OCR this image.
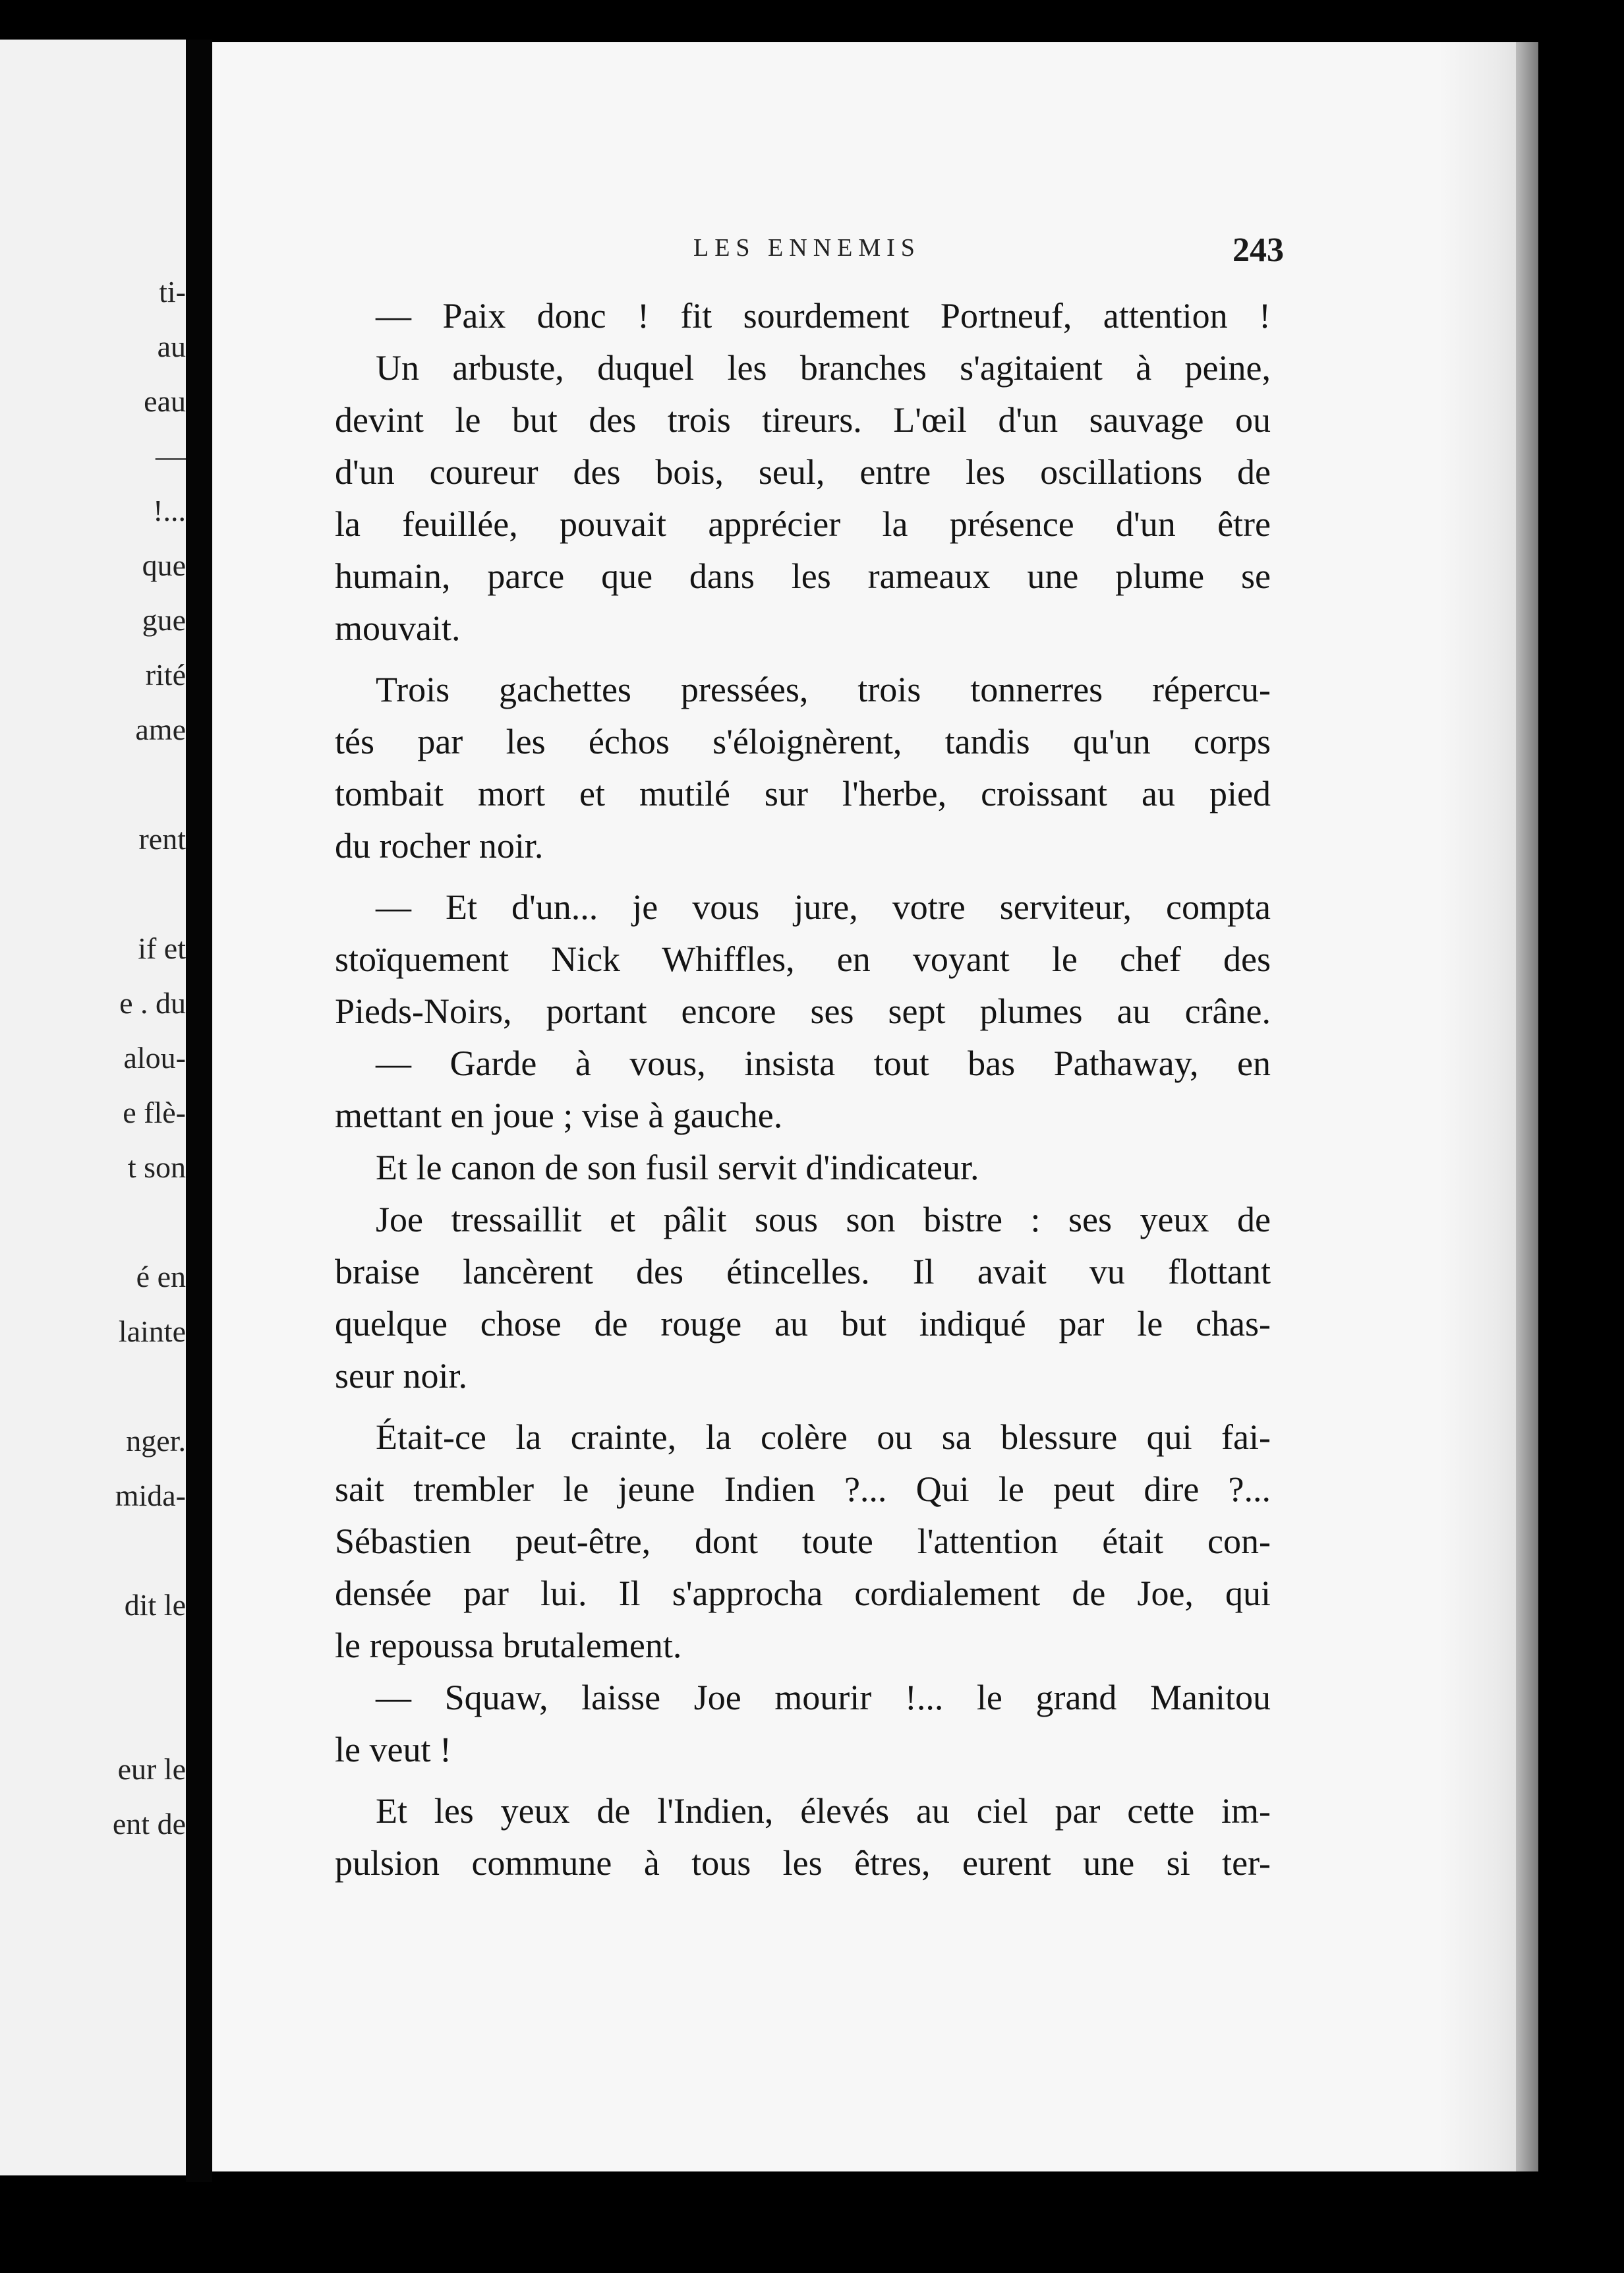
ti-
au
eau
—
!...
que
gue
rité
ame
rent
if et
e . du
alou-
e flè-
t son
é en
lainte
nger.
mida-
dit le
eur le
ent de
LES ENNEMIS	243
— Paix donc ! fit sourdement Portneuf, attention !
Un arbuste, duquel les branches s'agitaient à peine,
devint le but des trois tireurs. L'œil d'un sauvage ou
d'un coureur des bois, seul, entre les oscillations de
la feuillée, pouvait apprécier la présence d'un être
humain, parce que dans les rameaux une plume se
mouvait.
Trois gachettes pressées, trois tonnerres répercu-
tés par les échos s'éloignèrent, tandis qu'un corps
tombait mort et mutilé sur l'herbe, croissant au pied
du rocher noir.
— Et d'un... je vous jure, votre serviteur, compta
stoïquement Nick Whiffles, en voyant le chef des
Pieds-Noirs, portant encore ses sept plumes au crâne.
— Garde à vous, insista tout bas Pathaway, en
mettant en joue ; vise à gauche.
Et le canon de son fusil servit d'indicateur.
Joe tressaillit et pâlit sous son bistre : ses yeux de
braise lancèrent des étincelles. Il avait vu flottant
quelque chose de rouge au but indiqué par le chas-
seur noir.
Était-ce la crainte, la colère ou sa blessure qui fai-
sait trembler le jeune Indien ?... Qui le peut dire ?...
Sébastien peut-être, dont toute l'attention était con-
densée par lui. Il s'approcha cordialement de Joe, qui
le repoussa brutalement.
— Squaw, laisse Joe mourir !... le grand Manitou
le veut !
Et les yeux de l'Indien, élevés au ciel par cette im-
pulsion commune à tous les êtres, eurent une si ter-
